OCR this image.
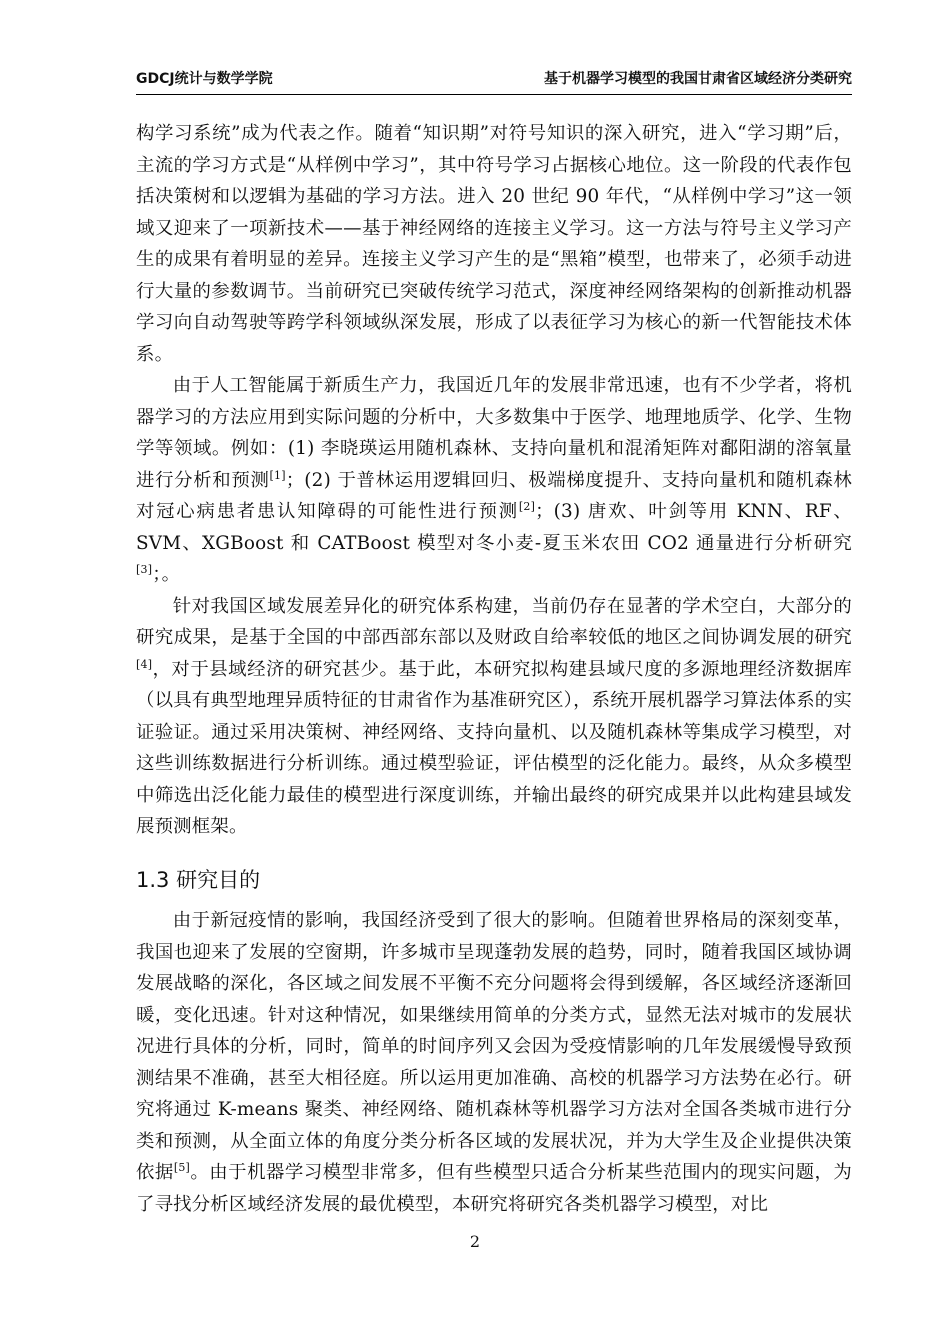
GDCJ统计与数学学院	基于机器学习模型的我国甘肃省区域经济分类研究

构学习系统”成为代表之作。随着“知识期”对符号知识的深入研究，进入“学习期”后，主流的学习方式是“从样例中学习”，其中符号学习占据核心地位。这一阶段的代表作包括决策树和以逻辑为基础的学习方法。进入 20 世纪 90 年代，“从样例中学习”这一领域又迎来了一项新技术——基于神经网络的连接主义学习。这一方法与符号主义学习产生的成果有着明显的差异。连接主义学习产生的是“黑箱”模型，也带来了，必须手动进行大量的参数调节。当前研究已突破传统学习范式，深度神经网络架构的创新推动机器学习向自动驾驶等跨学科领域纵深发展，形成了以表征学习为核心的新一代智能技术体系。

由于人工智能属于新质生产力，我国近几年的发展非常迅速，也有不少学者，将机器学习的方法应用到实际问题的分析中，大多数集中于医学、地理地质学、化学、生物学等领域。例如：(1) 李晓瑛运用随机森林、支持向量机和混淆矩阵对鄱阳湖的溶氧量进行分析和预测[1]；(2) 于普林运用逻辑回归、极端梯度提升、支持向量机和随机森林对冠心病患者患认知障碍的可能性进行预测[2]；(3) 唐欢、叶剑等用 KNN、RF、SVM、XGBoost 和 CATBoost 模型对冬小麦-夏玉米农田 CO2 通量进行分析研究[3]；。

针对我国区域发展差异化的研究体系构建，当前仍存在显著的学术空白，大部分的研究成果，是基于全国的中部西部东部以及财政自给率较低的地区之间协调发展的研究[4]，对于县域经济的研究甚少。基于此，本研究拟构建县域尺度的多源地理经济数据库（以具有典型地理异质特征的甘肃省作为基准研究区），系统开展机器学习算法体系的实证验证。通过采用决策树、神经网络、支持向量机、以及随机森林等集成学习模型，对这些训练数据进行分析训练。通过模型验证，评估模型的泛化能力。最终，从众多模型中筛选出泛化能力最佳的模型进行深度训练，并输出最终的研究成果并以此构建县域发展预测框架。

1.3 研究目的

由于新冠疫情的影响，我国经济受到了很大的影响。但随着世界格局的深刻变革，我国也迎来了发展的空窗期，许多城市呈现蓬勃发展的趋势，同时，随着我国区域协调发展战略的深化，各区域之间发展不平衡不充分问题将会得到缓解，各区域经济逐渐回暖，变化迅速。针对这种情况，如果继续用简单的分类方式，显然无法对城市的发展状况进行具体的分析，同时，简单的时间序列又会因为受疫情影响的几年发展缓慢导致预测结果不准确，甚至大相径庭。所以运用更加准确、高校的机器学习方法势在必行。研究将通过 K-means 聚类、神经网络、随机森林等机器学习方法对全国各类城市进行分类和预测，从全面立体的角度分类分析各区域的发展状况，并为大学生及企业提供决策依据[5]。由于机器学习模型非常多，但有些模型只适合分析某些范围内的现实问题，为了寻找分析区域经济发展的最优模型，本研究将研究各类机器学习模型，对比

2
